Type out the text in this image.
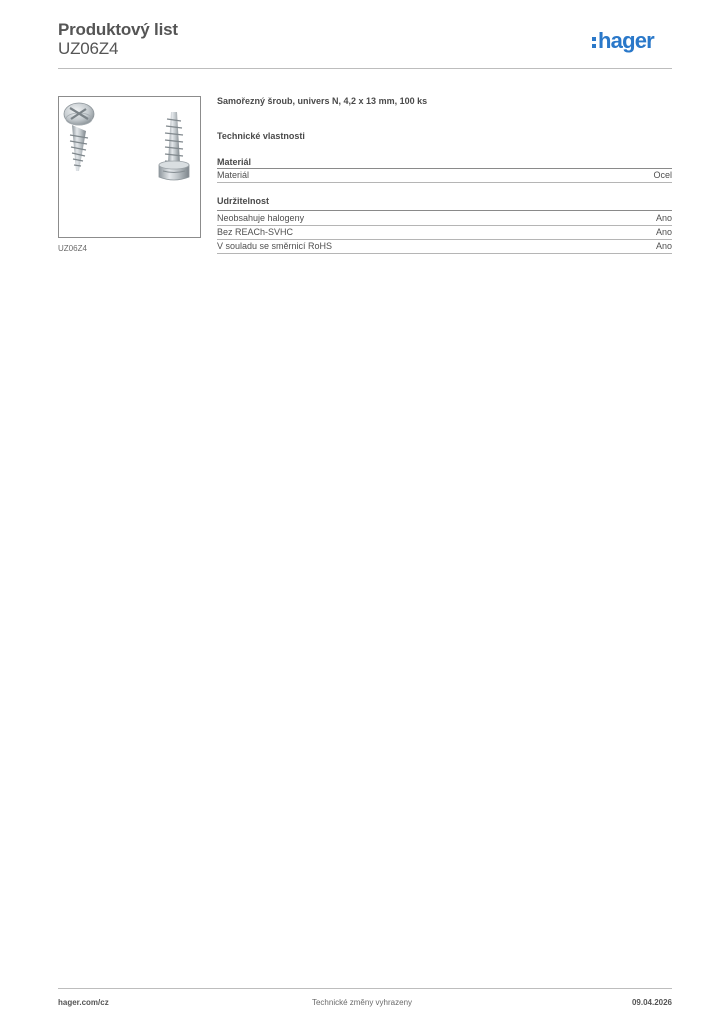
Produktový list
UZ06Z4	hager
UZ06Z4
Samořezný šroub, univers N, 4,2 x 13 mm, 100 ks
Technické vlastnosti
Materiál
Materiál	Ocel
Udržitelnost
Neobsahuje halogeny	Ano
Bez REACh-SVHC	Ano
V souladu se směrnicí RoHS	Ano
hager.com/cz	Technické změny vyhrazeny	09.04.2026
